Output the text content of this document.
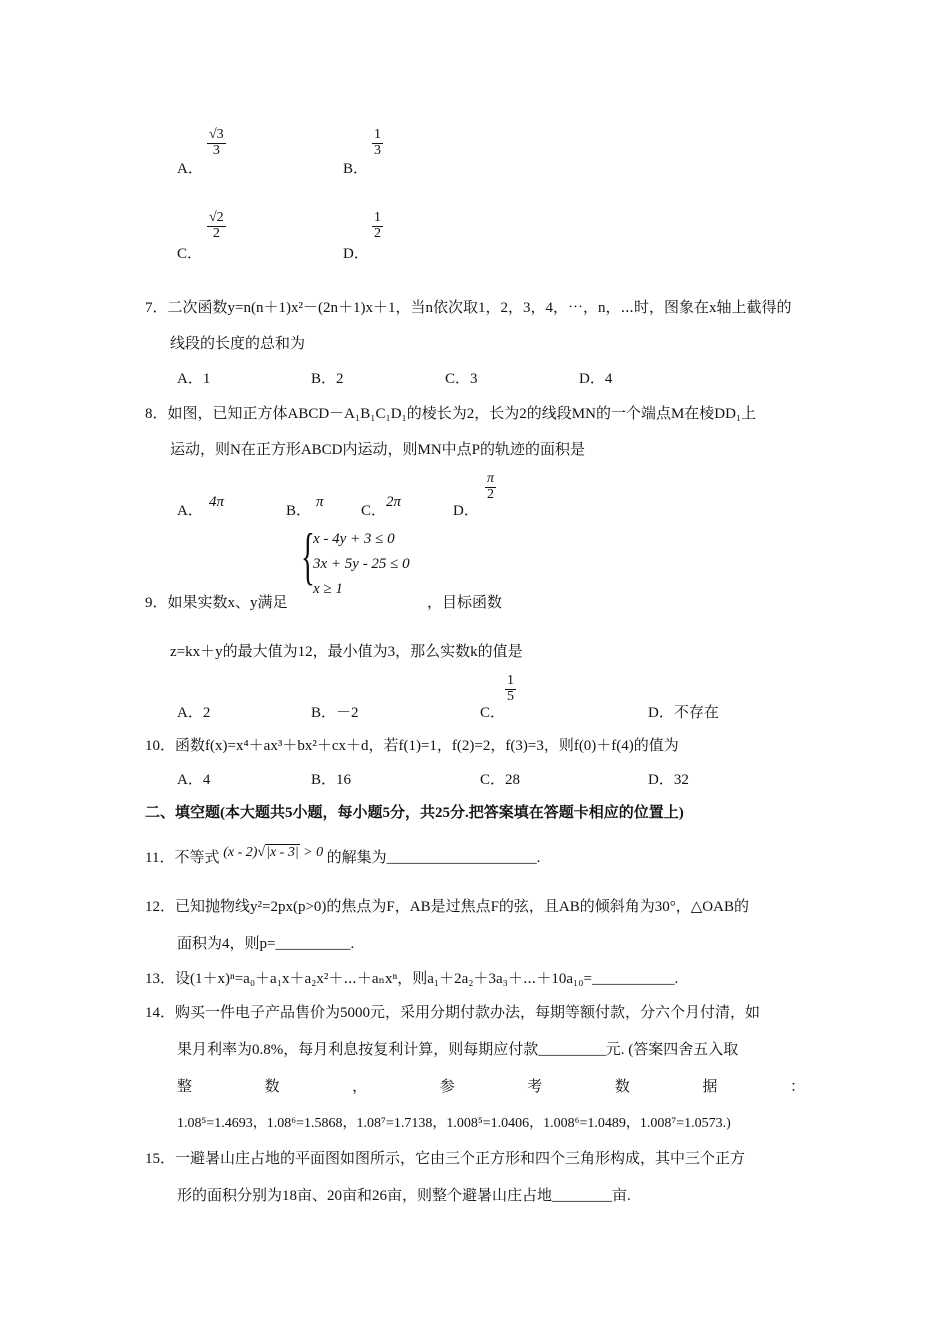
A．
$\frac{√3}{3}$
B．
$\frac{1}{3}$
C．
$\frac{√2}{2}$
D．
$\frac{1}{2}$
7．二次函数y=n(n＋1)x²－(2n＋1)x＋1，当n依次取1，2，3，4，⋯，n，⋯时，图象在x轴上截得的
线段的长度的总和为
A．1	B．2	C．3	D．4
8．如图，已知正方体ABCD－A₁B₁C₁D₁的棱长为2，长为2的线段MN的一个端点M在棱DD₁上
运动，则N在正方形ABCD内运动，则MN中点P的轨迹的面积是
A．
4π
B．
π
C．
2π
D．
$\frac{\pi}{2}$
{
x - 4y + 3 ≤ 0
3x + 5y - 25 ≤ 0
x ≥ 1
9．如果实数x、y满足	，目标函数
z=kx＋y的最大值为12，最小值为3，那么实数k的值是
A．2	B．－2	C．
$\frac{1}{5}$
D．不存在
10．函数f(x)=x⁴＋ax³＋bx²＋cx＋d，若f(1)=1，f(2)=2，f(3)=3，则f(0)＋f(4)的值为
A．4	B．16	C．28	D．32
二、填空题(本大题共5小题，每小题5分，共25分.把答案填在答题卡相应的位置上)
11．不等式 (x - 2)√|x - 3| > 0 的解集为____________________.
12．已知抛物线y²=2px(p>0)的焦点为F，AB是过焦点F的弦，且AB的倾斜角为30°，△OAB的
面积为4，则p=__________.
13．设(1＋x)ⁿ=a₀＋a₁x＋a₂x²＋⋯＋aₙxⁿ，则a₁＋2a₂＋3a₃＋⋯＋10a₁₀=___________.
14．购买一件电子产品售价为5000元，采用分期付款办法，每期等额付款，分六个月付清，如
果月利率为0.8%，每月利息按复利计算，则每期应付款_________元. (答案四舍五入取
整	数	，	参	考	数	据	：
1.08⁵=1.4693，1.08⁶=1.5868，1.08⁷=1.7138，1.008⁵=1.0406，1.008⁶=1.0489，1.008⁷=1.0573.)
15．一避暑山庄占地的平面图如图所示，它由三个正方形和四个三角形构成，其中三个正方
形的面积分别为18亩、20亩和26亩，则整个避暑山庄占地________亩.
